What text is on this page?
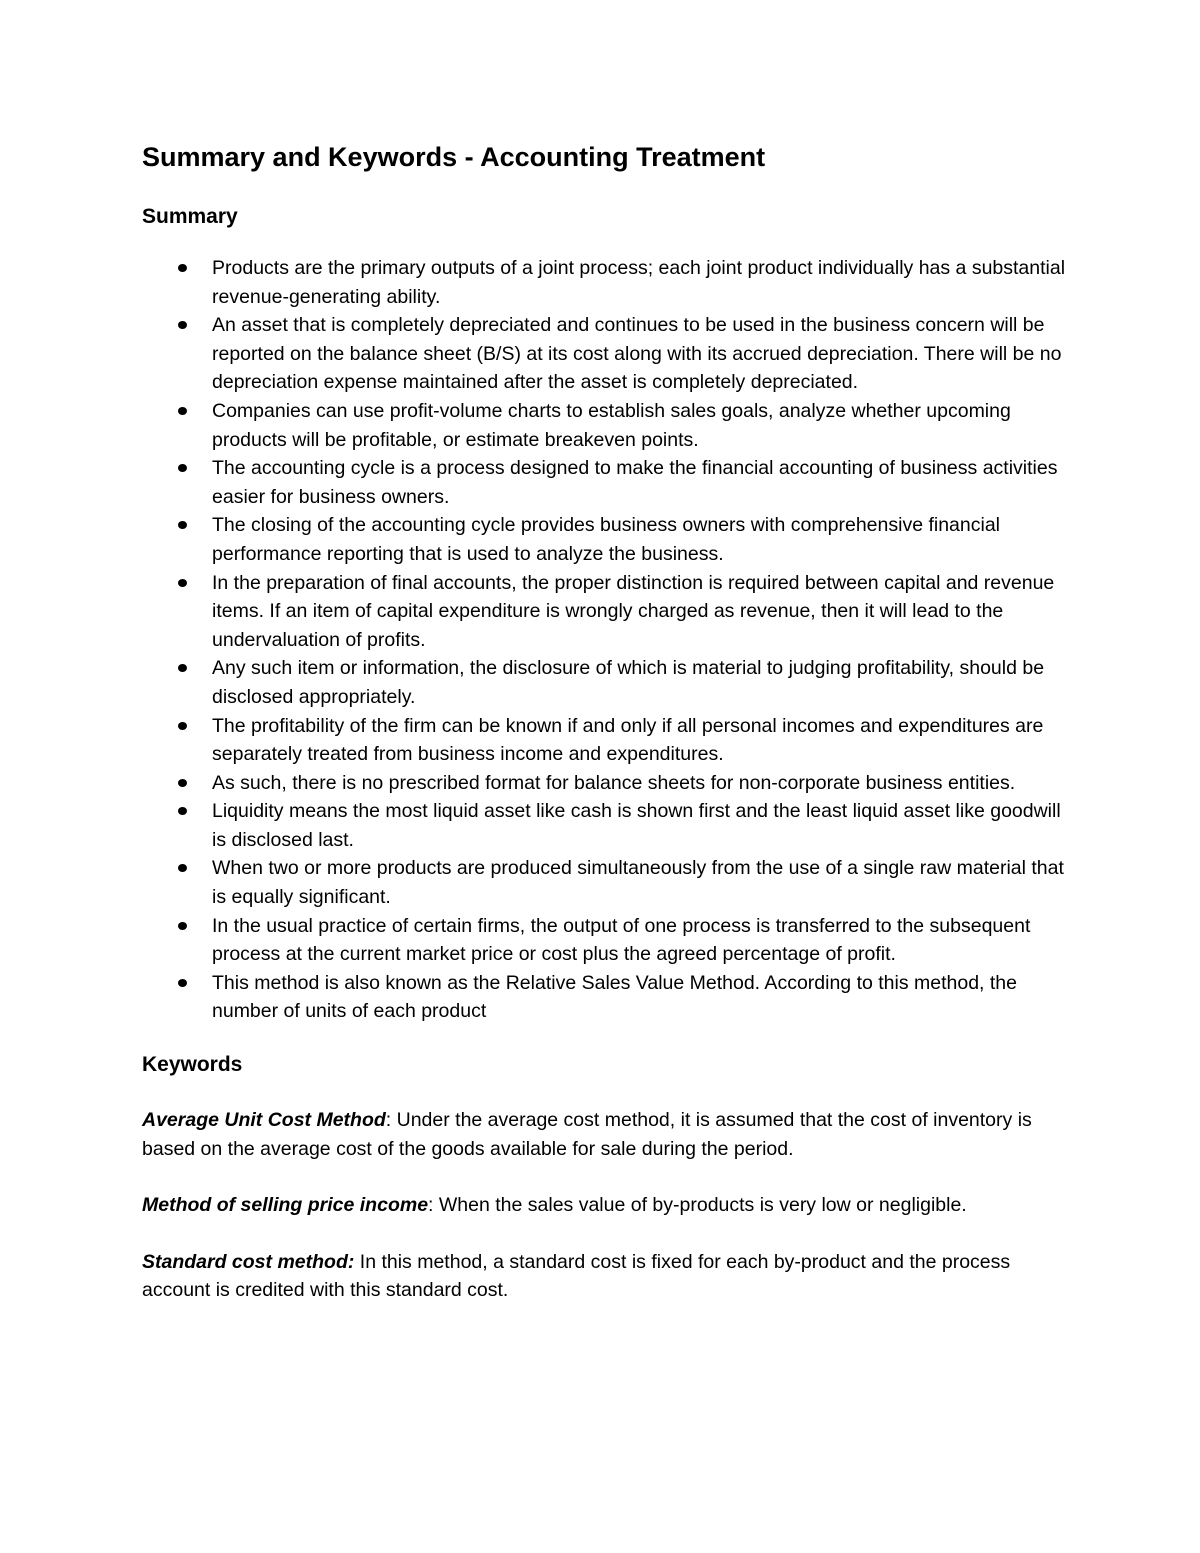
Summary and Keywords - Accounting Treatment
Summary
Products are the primary outputs of a joint process; each joint product individually has a substantial revenue-generating ability.
An asset that is completely depreciated and continues to be used in the business concern will be reported on the balance sheet (B/S) at its cost along with its accrued depreciation. There will be no depreciation expense maintained after the asset is completely depreciated.
Companies can use profit-volume charts to establish sales goals, analyze whether upcoming products will be profitable, or estimate breakeven points.
The accounting cycle is a process designed to make the financial accounting of business activities easier for business owners.
The closing of the accounting cycle provides business owners with comprehensive financial performance reporting that is used to analyze the business.
In the preparation of final accounts, the proper distinction is required between capital and revenue items. If an item of capital expenditure is wrongly charged as revenue, then it will lead to the undervaluation of profits.
Any such item or information, the disclosure of which is material to judging profitability, should be disclosed appropriately.
The profitability of the firm can be known if and only if all personal incomes and expenditures are separately treated from business income and expenditures.
As such, there is no prescribed format for balance sheets for non-corporate business entities.
Liquidity means the most liquid asset like cash is shown first and the least liquid asset like goodwill is disclosed last.
When two or more products are produced simultaneously from the use of a single raw material that is equally significant.
In the usual practice of certain firms, the output of one process is transferred to the subsequent process at the current market price or cost plus the agreed percentage of profit.
This method is also known as the Relative Sales Value Method. According to this method, the number of units of each product
Keywords

Average Unit Cost Method: Under the average cost method, it is assumed that the cost of inventory is based on the average cost of the goods available for sale during the period.

Method of selling price income: When the sales value of by-products is very low or negligible.

Standard cost method: In this method, a standard cost is fixed for each by-product and the process account is credited with this standard cost.
